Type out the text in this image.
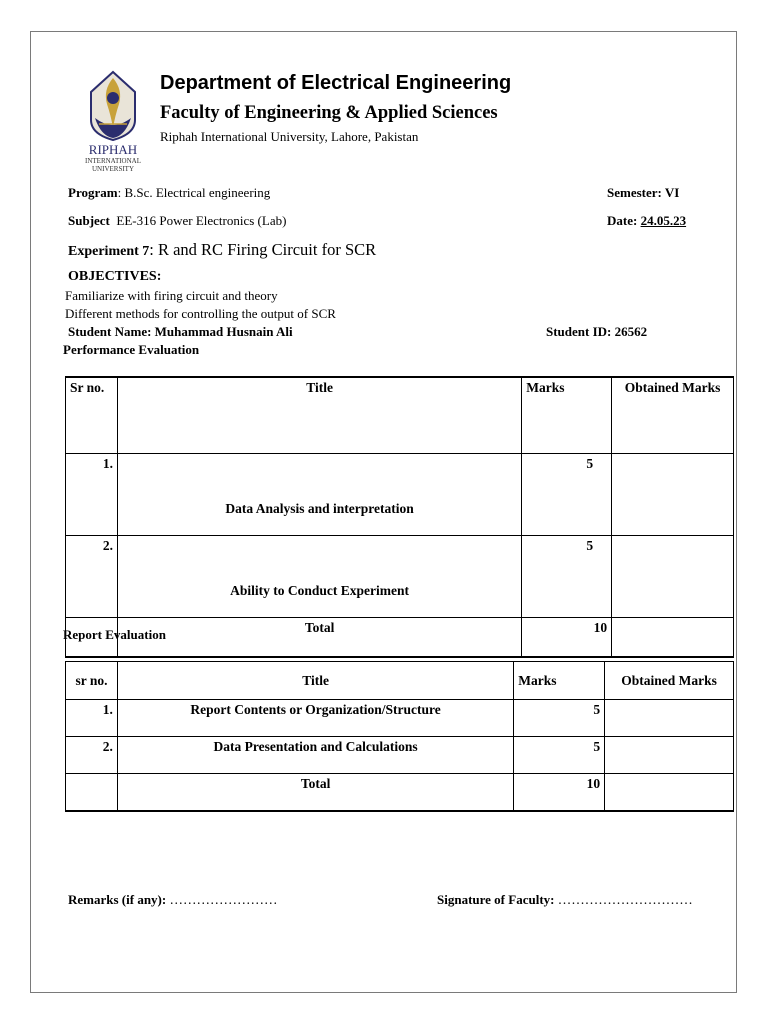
RIPHAH
INTERNATIONAL
UNIVERSITY
Department of Electrical Engineering
Faculty of Engineering & Applied Sciences
Riphah International University, Lahore, Pakistan
Program: B.Sc. Electrical engineering	Semester: VI
Subject EE-316 Power Electronics (Lab)	Date: 24.05.23
Experiment 7: R and RC Firing Circuit for SCR
OBJECTIVES:
Familiarize with firing circuit and theory
Different methods for controlling the output of SCR
Student Name: Muhammad Husnain Ali	Student ID: 26562
Performance Evaluation
Sr no.	Title	Marks	Obtained Marks
1.	Data Analysis and interpretation	5	
2.	Ability to Conduct Experiment	5	
	Total	10	
Report Evaluation
sr no.	Title	Marks	Obtained Marks
1.	Report Contents or Organization/Structure	5	
2.	Data Presentation and Calculations	5	
	Total	10	
Remarks (if any): ……………………	Signature of Faculty: …………………………
